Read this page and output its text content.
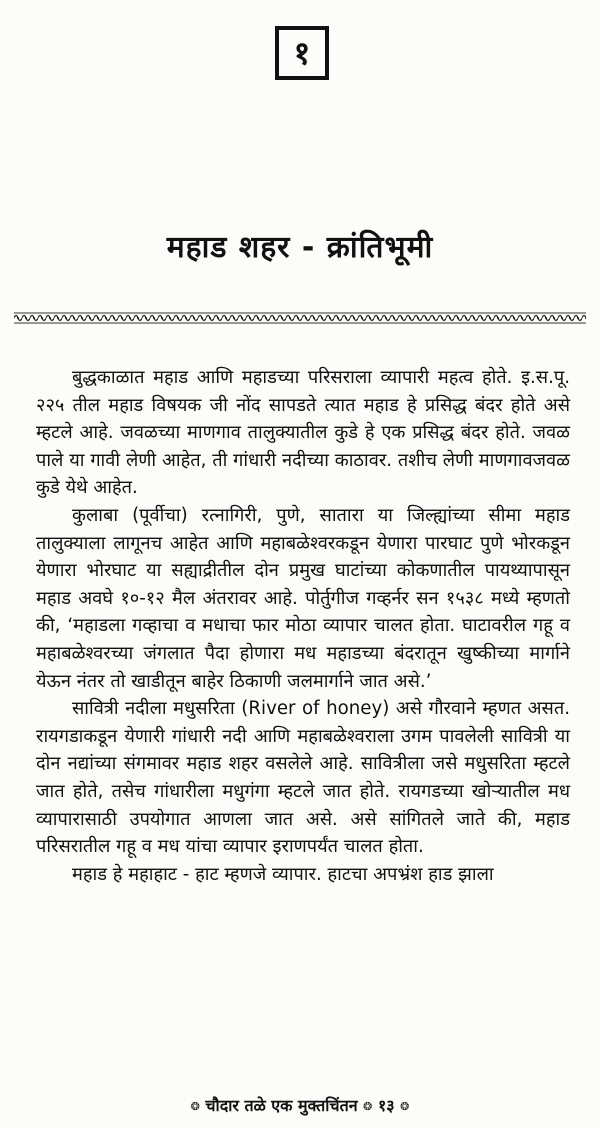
१
महाड शहर - क्रांतिभूमी

बुद्धकाळात महाड आणि महाडच्या परिसराला व्यापारी महत्व होते. इ.स.पू. २२५ तील महाड विषयक जी नोंद सापडते त्यात महाड हे प्रसिद्ध बंदर होते असे म्हटले आहे. जवळच्या माणगाव तालुक्यातील कुडे हे एक प्रसिद्ध बंदर होते. जवळ पाले या गावी लेणी आहेत, ती गांधारी नदीच्या काठावर. तशीच लेणी माणगावजवळ कुडे येथे आहेत.

कुलाबा (पूर्वीचा) रत्नागिरी, पुणे, सातारा या जिल्ह्यांच्या सीमा महाड तालुक्याला लागूनच आहेत आणि महाबळेश्वरकडून येणारा पारघाट पुणे भोरकडून येणारा भोरघाट या सह्याद्रीतील दोन प्रमुख घाटांच्या कोकणातील पायथ्यापासून महाड अवघे १०-१२ मैल अंतरावर आहे. पोर्तुगीज गव्हर्नर सन १५३८ मध्ये म्हणतो की, ‘महाडला गव्हाचा व मधाचा फार मोठा व्यापार चालत होता. घाटावरील गहू व महाबळेश्वरच्या जंगलात पैदा होणारा मध महाडच्या बंदरातून खुष्कीच्या मार्गाने येऊन नंतर तो खाडीतून बाहेर ठिकाणी जलमार्गाने जात असे.’

सावित्री नदीला मधुसरिता (River of honey) असे गौरवाने म्हणत असत. रायगडाकडून येणारी गांधारी नदी आणि महाबळेश्वराला उगम पावलेली सावित्री या दोन नद्यांच्या संगमावर महाड शहर वसलेले आहे. सावित्रीला जसे मधुसरिता म्हटले जात होते, तसेच गांधारीला मधुगंगा म्हटले जात होते. रायगडच्या खोऱ्यातील मध व्यापारासाठी उपयोगात आणला जात असे. असे सांगितले जाते की, महाड परिसरातील गहू व मध यांचा व्यापार इराणपर्यंत चालत होता.

महाड हे महाहाट - हाट म्हणजे व्यापार. हाटचा अपभ्रंश हाड झाला

❂ चौदार तळे एक मुक्तचिंतन ❂ १३ ❂
